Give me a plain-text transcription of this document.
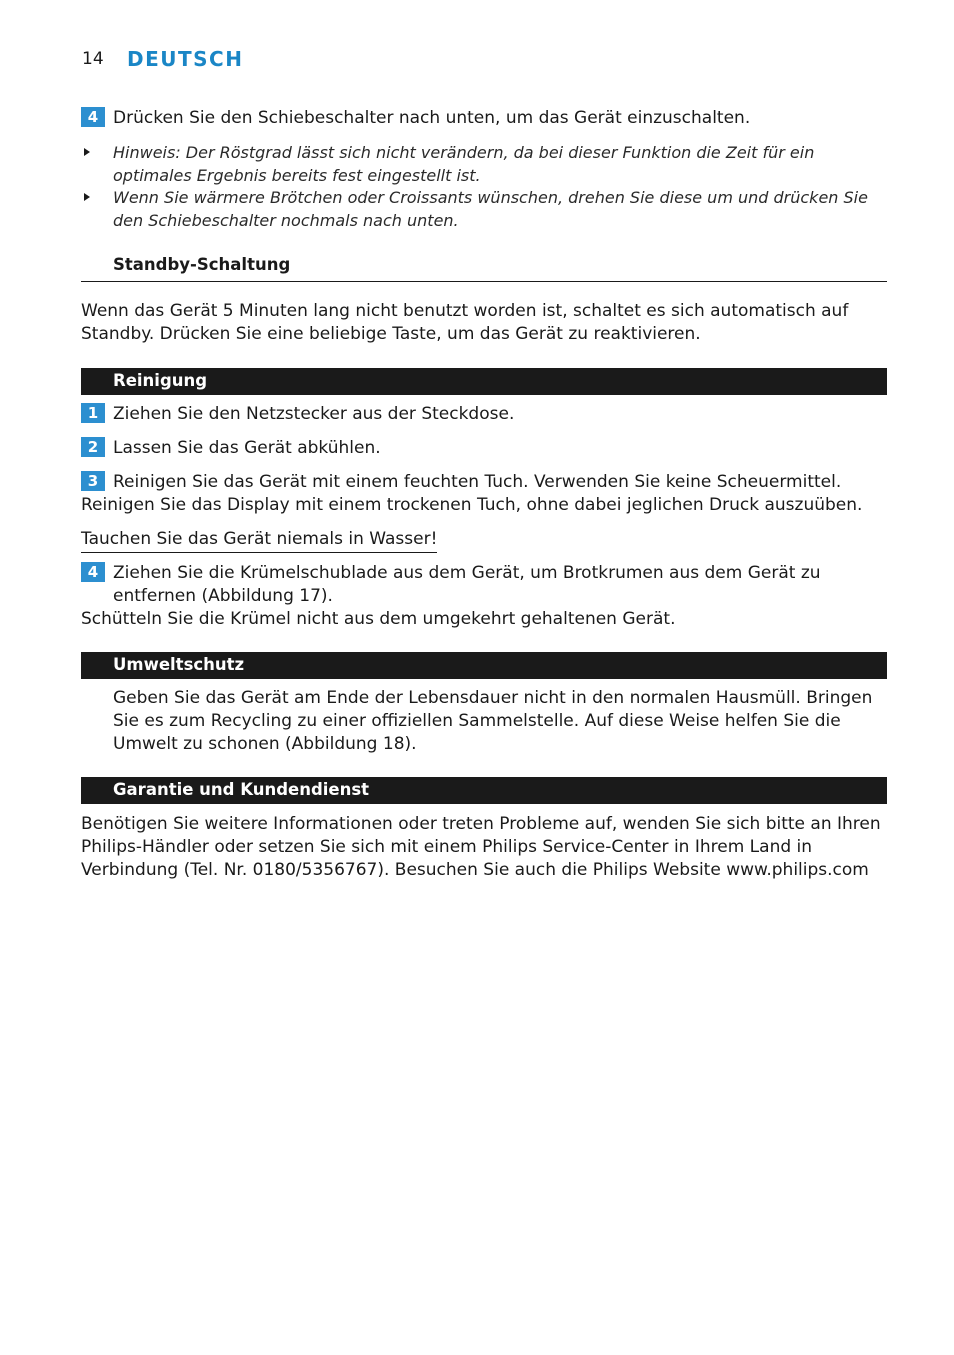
14 DEUTSCH
4 Drücken Sie den Schiebeschalter nach unten, um das Gerät einzuschalten.
Hinweis: Der Röstgrad lässt sich nicht verändern, da bei dieser Funktion die Zeit für ein optimales Ergebnis bereits fest eingestellt ist.
Wenn Sie wärmere Brötchen oder Croissants wünschen, drehen Sie diese um und drücken Sie den Schiebeschalter nochmals nach unten.
Standby-Schaltung
Wenn das Gerät 5 Minuten lang nicht benutzt worden ist, schaltet es sich automatisch auf Standby. Drücken Sie eine beliebige Taste, um das Gerät zu reaktivieren.
Reinigung
1 Ziehen Sie den Netzstecker aus der Steckdose.
2 Lassen Sie das Gerät abkühlen.
3 Reinigen Sie das Gerät mit einem feuchten Tuch. Verwenden Sie keine Scheuermittel.
Reinigen Sie das Display mit einem trockenen Tuch, ohne dabei jeglichen Druck auszuüben.
Tauchen Sie das Gerät niemals in Wasser!
4 Ziehen Sie die Krümelschublade aus dem Gerät, um Brotkrumen aus dem Gerät zu entfernen (Abbildung 17).
Schütteln Sie die Krümel nicht aus dem umgekehrt gehaltenen Gerät.
Umweltschutz
Geben Sie das Gerät am Ende der Lebensdauer nicht in den normalen Hausmüll. Bringen Sie es zum Recycling zu einer offiziellen Sammelstelle. Auf diese Weise helfen Sie die Umwelt zu schonen (Abbildung 18).
Garantie und Kundendienst
Benötigen Sie weitere Informationen oder treten Probleme auf, wenden Sie sich bitte an Ihren Philips-Händler oder setzen Sie sich mit einem Philips Service-Center in Ihrem Land in Verbindung (Tel. Nr. 0180/5356767). Besuchen Sie auch die Philips Website www.philips.com
